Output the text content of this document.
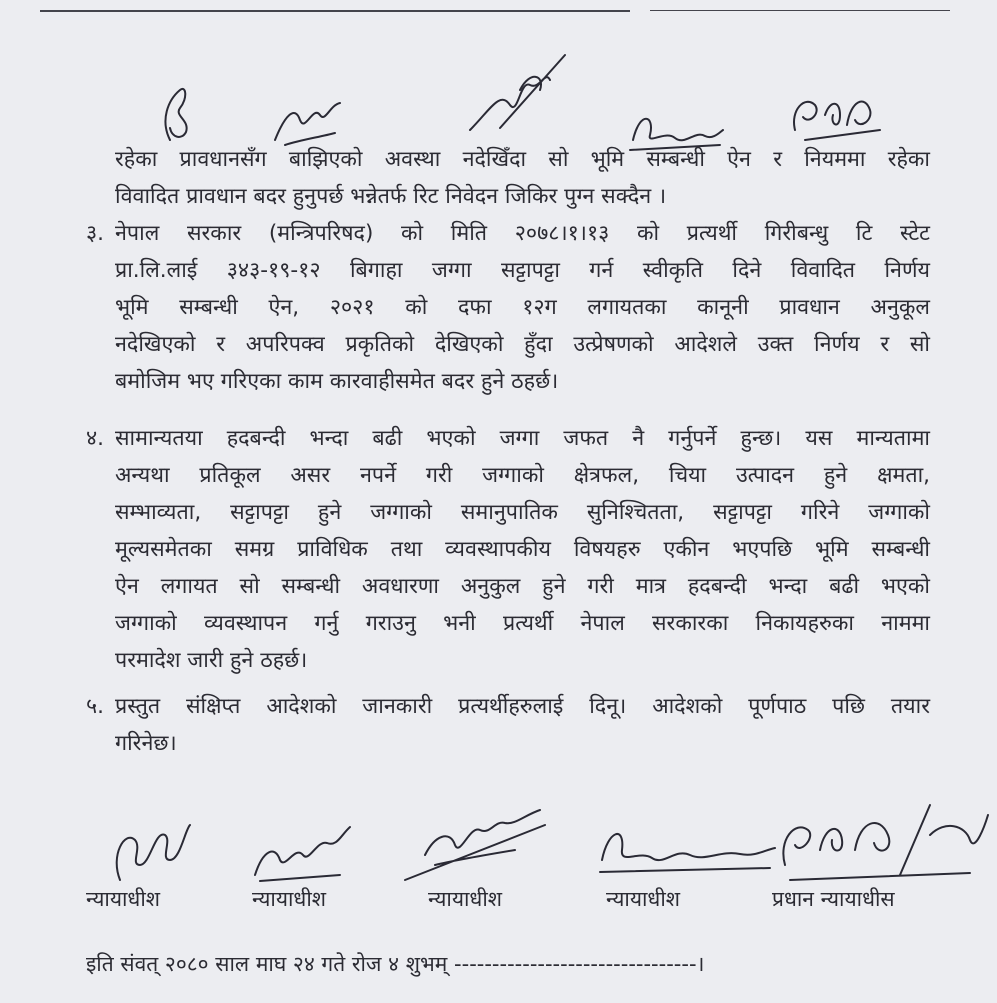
रहेका प्रावधानसँग बाझिएको अवस्था नदेखिँदा सो भूमि सम्बन्धी ऐन र नियममा रहेका
विवादित प्रावधान बदर हुनुपर्छ भन्नेतर्फ रिट निवेदन जिकिर पुग्न सक्दैन ।

३. नेपाल सरकार (मन्त्रिपरिषद) को मिति २०७८।१।१३ को प्रत्यर्थी गिरीबन्धु टि स्टेट
प्रा.लि.लाई ३४३-१९-१२ बिगाहा जग्गा सट्टापट्टा गर्न स्वीकृति दिने विवादित निर्णय
भूमि सम्बन्धी ऐन, २०२१ को दफा १२ग लगायतका कानूनी प्रावधान अनुकूल
नदेखिएको र अपरिपक्व प्रकृतिको देखिएको हुँदा उत्प्रेषणको आदेशले उक्त निर्णय र सो
बमोजिम भए गरिएका काम कारवाहीसमेत बदर हुने ठहर्छ।

४. सामान्यतया हदबन्दी भन्दा बढी भएको जग्गा जफत नै गर्नुपर्ने हुन्छ। यस मान्यतामा
अन्यथा प्रतिकूल असर नपर्ने गरी जग्गाको क्षेत्रफल, चिया उत्पादन हुने क्षमता,
सम्भाव्यता, सट्टापट्टा हुने जग्गाको समानुपातिक सुनिश्चितता, सट्टापट्टा गरिने जग्गाको
मूल्यसमेतका समग्र प्राविधिक तथा व्यवस्थापकीय विषयहरु एकीन भएपछि भूमि सम्बन्धी
ऐन लगायत सो सम्बन्धी अवधारणा अनुकुल हुने गरी मात्र हदबन्दी भन्दा बढी भएको
जग्गाको व्यवस्थापन गर्नु गराउनु भनी प्रत्यर्थी नेपाल सरकारका निकायहरुका नाममा
परमादेश जारी हुने ठहर्छ।

५. प्रस्तुत संक्षिप्त आदेशको जानकारी प्रत्यर्थीहरुलाई दिनू। आदेशको पूर्णपाठ पछि तयार
गरिनेछ।

न्यायाधीश	न्यायाधीश	न्यायाधीश	न्यायाधीश	प्रधान न्यायाधीस
इति संवत् २०८० साल माघ २४ गते रोज ४ शुभम् --------------------------------।
